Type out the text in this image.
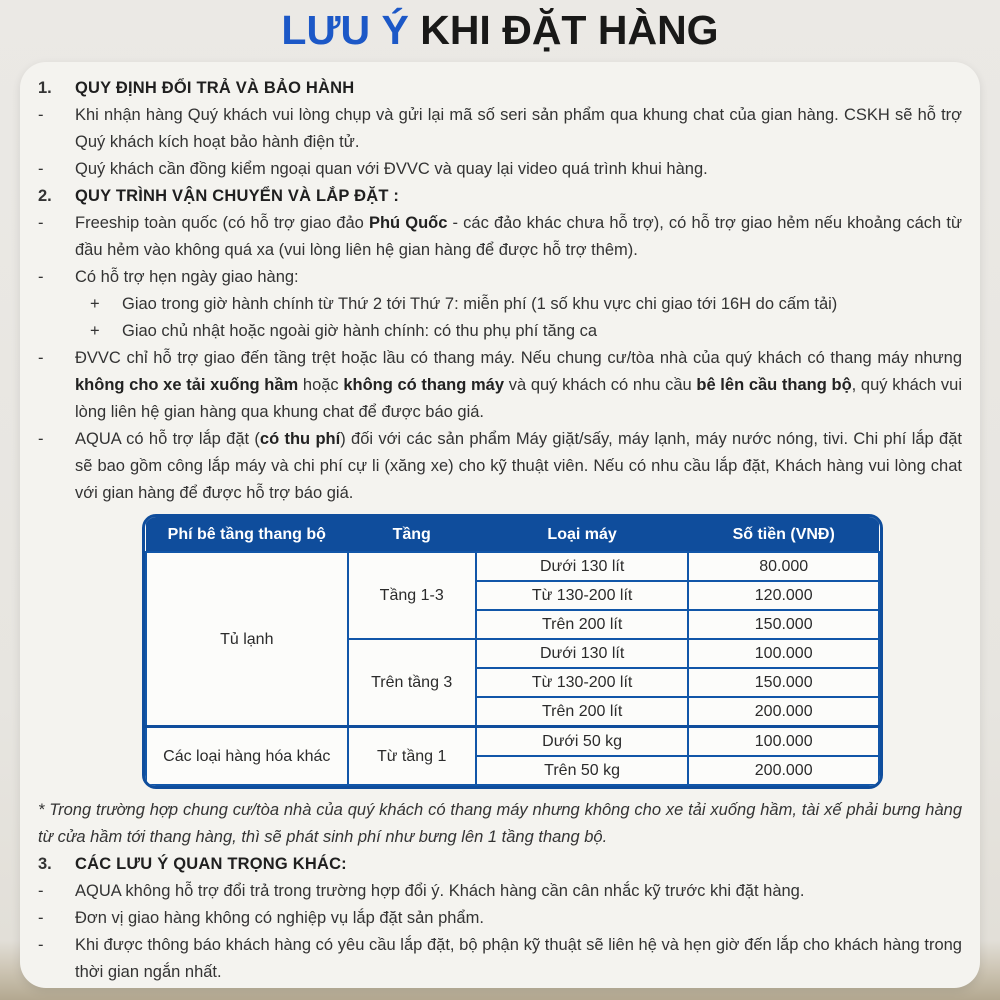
LƯU Ý KHI ĐẶT HÀNG
1.	QUY ĐỊNH ĐỔI TRẢ VÀ BẢO HÀNH
-	Khi nhận hàng Quý khách vui lòng chụp và gửi lại mã số seri sản phẩm qua khung chat của gian hàng. CSKH sẽ hỗ trợ Quý khách kích hoạt bảo hành điện tử.
-	Quý khách cần đồng kiểm ngoại quan với ĐVVC và quay lại video quá trình khui hàng.
2.	QUY TRÌNH VẬN CHUYỂN VÀ LẮP ĐẶT :
-	Freeship toàn quốc (có hỗ trợ giao đảo Phú Quốc - các đảo khác chưa hỗ trợ), có hỗ trợ giao hẻm nếu khoảng cách từ đầu hẻm vào không quá xa (vui lòng liên hệ gian hàng để được hỗ trợ thêm).
-	Có hỗ trợ hẹn ngày giao hàng:
+	Giao trong giờ hành chính từ Thứ 2 tới Thứ 7: miễn phí (1 số khu vực chi giao tới 16H do cấm tải)
+	Giao chủ nhật hoặc ngoài giờ hành chính: có thu phụ phí tăng ca
-	ĐVVC chỉ hỗ trợ giao đến tầng trệt hoặc lầu có thang máy. Nếu chung cư/tòa nhà của quý khách có thang máy nhưng không cho xe tải xuống hầm hoặc không có thang máy và quý khách có nhu cầu bê lên cầu thang bộ, quý khách vui lòng liên hệ gian hàng qua khung chat để được báo giá.
-	AQUA có hỗ trợ lắp đặt (có thu phí) đối với các sản phẩm Máy giặt/sấy, máy lạnh, máy nước nóng, tivi. Chi phí lắp đặt sẽ bao gồm công lắp máy và chi phí cự li (xăng xe) cho kỹ thuật viên. Nếu có nhu cầu lắp đặt, Khách hàng vui lòng chat với gian hàng để được hỗ trợ báo giá.
Phí bê tầng thang bộ	Tầng	Loại máy	Số tiền (VNĐ)
Tủ lạnh	Tầng 1-3	Dưới 130 lít	80.000
		Từ 130-200 lít	120.000
		Trên 200 lít	150.000
	Trên tầng 3	Dưới 130 lít	100.000
		Từ 130-200 lít	150.000
		Trên 200 lít	200.000
Các loại hàng hóa khác	Từ tầng 1	Dưới 50 kg	100.000
		Trên 50 kg	200.000
* Trong trường hợp chung cư/tòa nhà của quý khách có thang máy nhưng không cho xe tải xuống hầm, tài xế phải bưng hàng từ cửa hầm tới thang hàng, thì sẽ phát sinh phí như bưng lên 1 tầng thang bộ.
3.	CÁC LƯU Ý QUAN TRỌNG KHÁC:
-	AQUA không hỗ trợ đổi trả trong trường hợp đổi ý. Khách hàng cần cân nhắc kỹ trước khi đặt hàng.
-	Đơn vị giao hàng không có nghiệp vụ lắp đặt sản phẩm.
-	Khi được thông báo khách hàng có yêu cầu lắp đặt, bộ phận kỹ thuật sẽ liên hệ và hẹn giờ đến lắp cho khách hàng trong thời gian ngắn nhất.
